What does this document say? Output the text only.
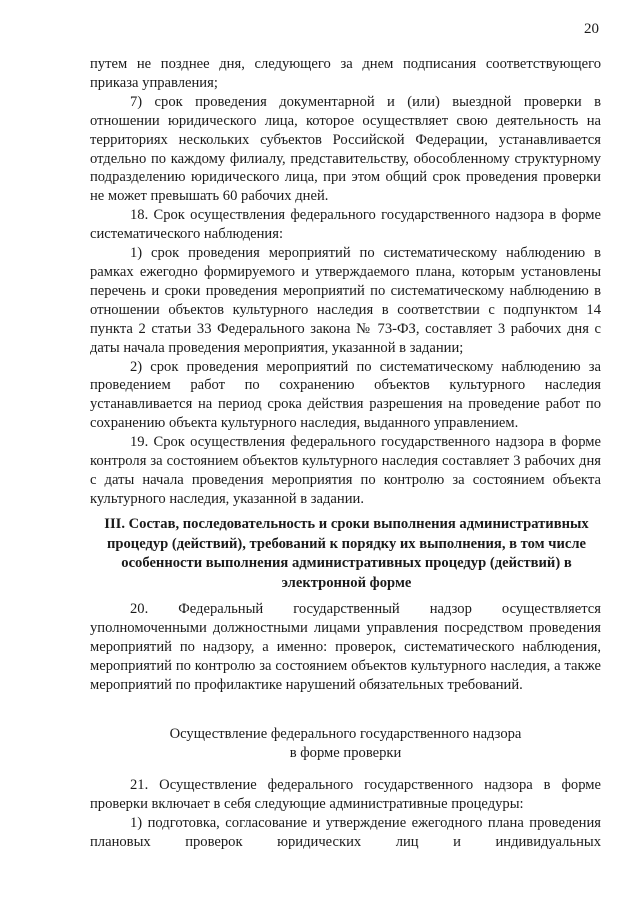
20

путем не позднее дня, следующего за днем подписания соответствующего приказа управления;

7) срок проведения документарной и (или) выездной проверки в отношении юридического лица, которое осуществляет свою деятельность на территориях нескольких субъектов Российской Федерации, устанавливается отдельно по каждому филиалу, представительству, обособленному структурному подразделению юридического лица, при этом общий срок проведения проверки не может превышать 60 рабочих дней.

18. Срок осуществления федерального государственного надзора в форме систематического наблюдения:

1) срок проведения мероприятий по систематическому наблюдению в рамках ежегодно формируемого и утверждаемого плана, которым установлены перечень и сроки проведения мероприятий по систематическому наблюдению в отношении объектов культурного наследия в соответствии с подпунктом 14 пункта 2 статьи 33 Федерального закона № 73-ФЗ, составляет 3 рабочих дня с даты начала проведения мероприятия, указанной в задании;

2) срок проведения мероприятий по систематическому наблюдению за проведением работ по сохранению объектов культурного наследия устанавливается на период срока действия разрешения на проведение работ по сохранению объекта культурного наследия, выданного управлением.

19. Срок осуществления федерального государственного надзора в форме контроля за состоянием объектов культурного наследия составляет 3 рабочих дня с даты начала проведения мероприятия по контролю за состоянием объекта культурного наследия, указанной в задании.

III. Состав, последовательность и сроки выполнения административных процедур (действий), требований к порядку их выполнения, в том числе особенности выполнения административных процедур (действий) в электронной форме

20. Федеральный государственный надзор осуществляется уполномоченными должностными лицами управления посредством проведения мероприятий по надзору, а именно: проверок, систематического наблюдения, мероприятий по контролю за состоянием объектов культурного наследия, а также мероприятий по профилактике нарушений обязательных требований.

Осуществление федерального государственного надзора

в форме проверки

21. Осуществление федерального государственного надзора в форме проверки включает в себя следующие административные процедуры:

1) подготовка, согласование и утверждение ежегодного плана проведения плановых проверок юридических лиц и индивидуальных
